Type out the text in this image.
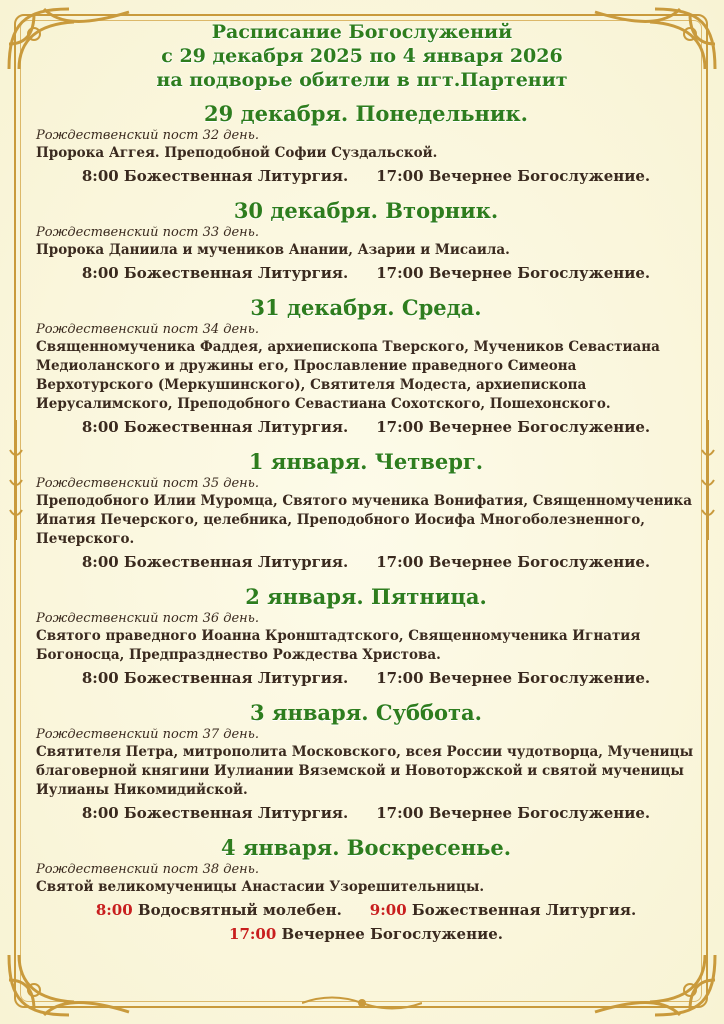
Расписание Богослужений
с 29 декабря 2025 по 4 января 2026
на подворье обители в пгт.Партенит
29 декабря. Понедельник.
Рождественский пост 32 день.
Пророка Аггея. Преподобной Софии Суздальской.
8:00 Божественная Литургия. 17:00 Вечернее Богослужение.
30 декабря. Вторник.
Рождественский пост 33 день.
Пророка Даниила и мучеников Анании, Азарии и Мисаила.
8:00 Божественная Литургия. 17:00 Вечернее Богослужение.
31 декабря. Среда.
Рождественский пост 34 день.
Священномученика Фаддея, архиепископа Тверского, Мучеников Севастиана Медиоланского и дружины его, Прославление праведного Симеона Верхотурского (Меркушинского), Святителя Модеста, архиепископа Иерусалимского, Преподобного Севастиана Сохотского, Пошехонского.
8:00 Божественная Литургия. 17:00 Вечернее Богослужение.
1 января. Четверг.
Рождественский пост 35 день.
Преподобного Илии Муромца, Святого мученика Вонифатия, Священномученика Ипатия Печерского, целебника, Преподобного Иосифа Многоболезненного, Печерского.
8:00 Божественная Литургия. 17:00 Вечернее Богослужение.
2 января. Пятница.
Рождественский пост 36 день.
Святого праведного Иоанна Кронштадтского, Священномученика Игнатия Богоносца, Предпразднество Рождества Христова.
8:00 Божественная Литургия. 17:00 Вечернее Богослужение.
3 января. Суббота.
Рождественский пост 37 день.
Святителя Петра, митрополита Московского, всея России чудотворца, Мученицы благоверной княгини Иулиании Вяземской и Новоторжской и святой мученицы Иулианы Никомидийской.
8:00 Божественная Литургия. 17:00 Вечернее Богослужение.
4 января. Воскресенье.
Рождественский пост 38 день.
Святой великомученицы Анастасии Узорешительницы.
8:00 Водосвятный молебен. 9:00 Божественная Литургия.
17:00 Вечернее Богослужение.
